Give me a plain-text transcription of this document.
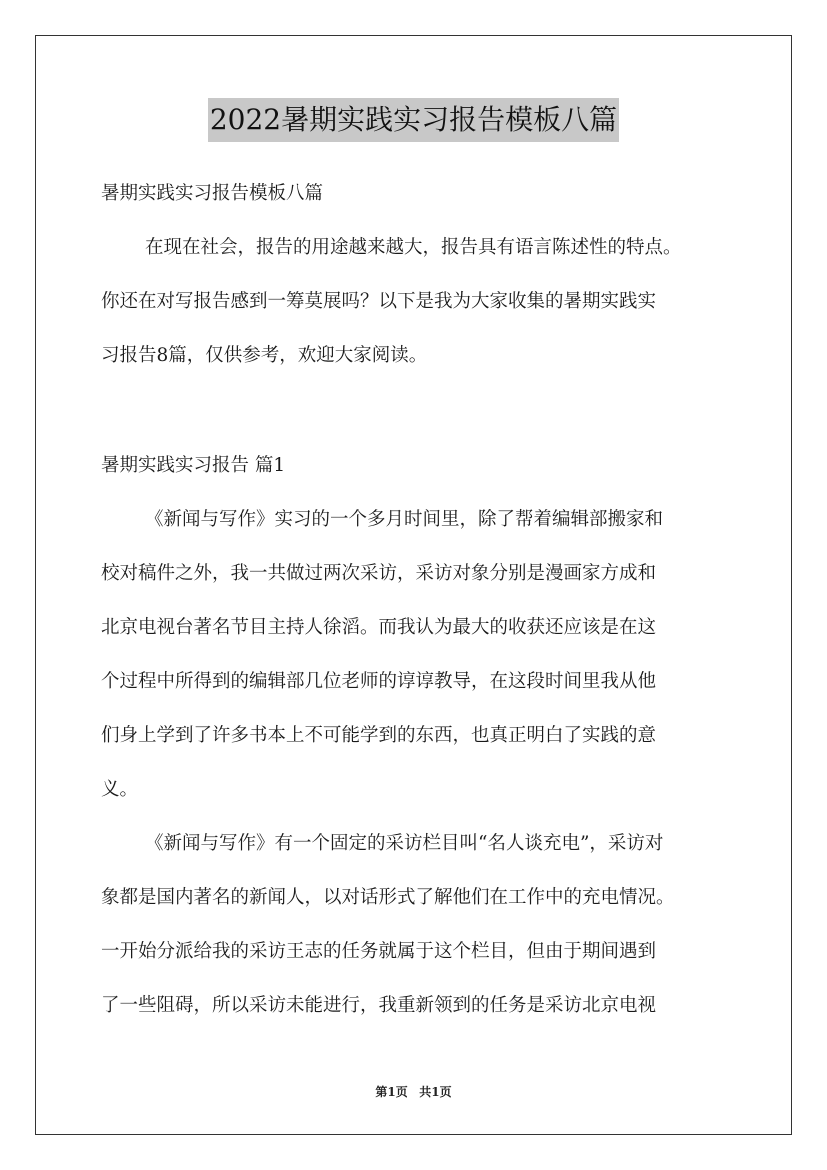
2022暑期实践实习报告模板八篇
暑期实践实习报告模板八篇
在现在社会，报告的用途越来越大，报告具有语言陈述性的特点。
你还在对写报告感到一筹莫展吗？以下是我为大家收集的暑期实践实
习报告8篇，仅供参考，欢迎大家阅读。
暑期实践实习报告 篇1
《新闻与写作》实习的一个多月时间里，除了帮着编辑部搬家和
校对稿件之外，我一共做过两次采访，采访对象分别是漫画家方成和
北京电视台著名节目主持人徐滔。而我认为最大的收获还应该是在这
个过程中所得到的编辑部几位老师的谆谆教导，在这段时间里我从他
们身上学到了许多书本上不可能学到的东西，也真正明白了实践的意
义。
《新闻与写作》有一个固定的采访栏目叫“名人谈充电”，采访对
象都是国内著名的新闻人，以对话形式了解他们在工作中的充电情况。
一开始分派给我的采访王志的任务就属于这个栏目，但由于期间遇到
了一些阻碍，所以采访未能进行，我重新领到的任务是采访北京电视
第1页 共1页
